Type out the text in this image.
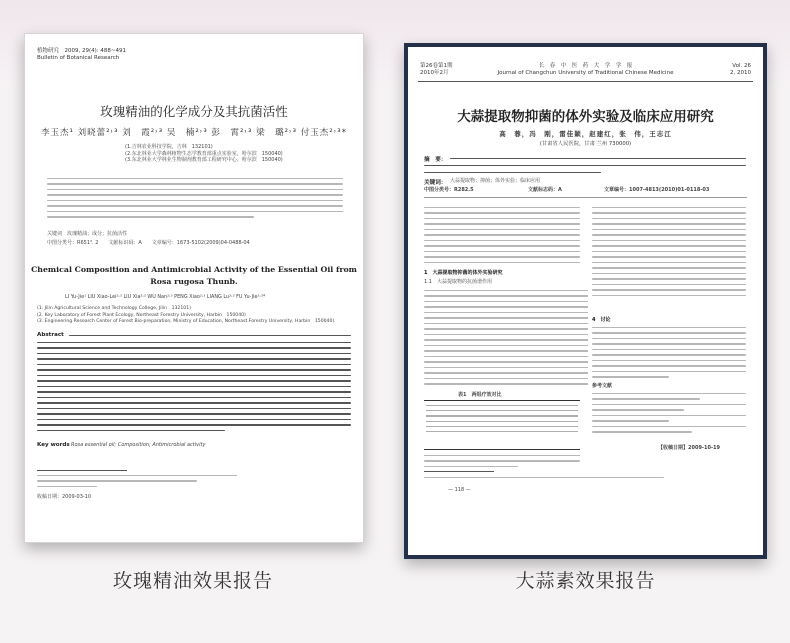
植物研究　2009, 29(4): 488~491
Bulletin of Botanical Research
玫瑰精油的化学成分及其抗菌活性
李玉杰¹ 刘晓蕾²˒³ 刘　霞²˒³ 吴　楠²˒³ 彭　霄²˒³ 梁　璐²˒³ 付玉杰²˒³*
(1.吉林农业科技学院，吉林　132101)
(2.东北林业大学森林植物生态学教育部重点实验室，哈尔滨　150040)
(3.东北林业大学林业生物制剂教育部工程研究中心，哈尔滨　150040)
关键词　玫瑰精油；成分；抗菌活性
中图分类号：R651³. 2　　文献标识码：A　　文章编号：1673-5102(2009)04-0488-04
Chemical Composition and Antimicrobial Activity of the Essential Oil from Rosa rugosa Thunb.
LI Yu-Jie¹ LIU Xiao-Lei²˒³ LIU Xia²˒³ WU Nan²˒³ PENG Xiao²˒³ LIANG Lu²˒³ FU Yu-Jie²˒³*
(1. Jilin Agricultural Science and Technology College, Jilin　132101)
(2. Key Laboratory of Forest Plant Ecology, Northeast Forestry University, Harbin　150040)
(3. Engineering Research Center of Forest Bio-preparation, Ministry of Education, Northeast Forestry University, Harbin　150040)
Abstract
Key words Rosa essential oil; Composition; Antimicrobial activity
收稿日期：2009-03-10
第26卷第1期
2010年2月
长　春　中　医　药　大　学　学　报
Journal of Changchun University of Traditional Chinese Medicine
Vol. 26
2, 2010
大蒜提取物抑菌的体外实验及临床应用研究
高　蓉，冯　刚，雷佳颖，赵建红，张　伟，王志江
(甘肃省人民医院，甘肃 兰州 730000)
摘　要：
关键词： 大蒜提取物；抑菌；体外实验；临床应用
中图分类号：R282.5	文献标志码：A	文章编号：1007-4813(2010)01-0118-03
1　大蒜提取物抑菌的体外实验研究
1.1　大蒜提取物的抗菌谱作用
表1　两组疗效对比
4　讨论
参考文献
【收稿日期】2009-10-19
— 118 —
玫瑰精油效果报告	大蒜素效果报告
